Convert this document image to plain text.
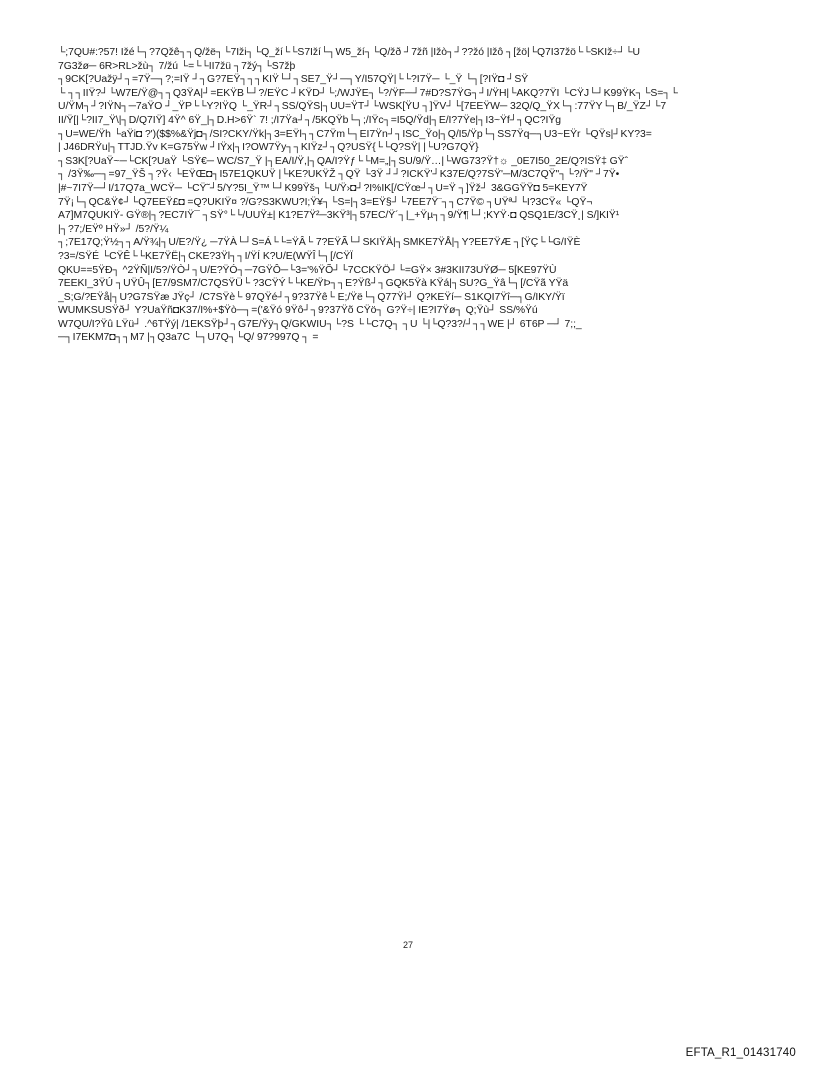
└;7QU#:?57! Ižé└┐?7Qžê┐┐Q/žë┐└7Iži┐└Q_ží└└S7Iží└┐W5_ží┐└Q/žð ┘7žñ |Ižò┐┘??žó |Ižô ┐[žö|└Q7I37žö└└SKIž÷┘└U
7G3žø─ 6R>RL>žù┐ 7/žú └=└└II7žü ┐7žý┐└S7žþ
┐9CK[?Uažÿ┘┐=7Ÿ─┐?;=IŸ ┘┐G?7EŸ┐┐┐KIŸ└┘┐SE7_Ÿ┘─┐Y/I57QŸ|└└?I7Ÿ─ └_Ÿ └┐[?IŸ◘ ┘SŸ
└ ┐┐IIŸ?┘└W7E/Ÿ@┐┐Q3ŸA|┘=EKŸB└┘?/EŸC ┘KŸD┘└;/WJŸE┐└?/ŸF─┘7#D?S7ŸG┐┘I/ŸH|└AKQ?7ŸI └CŸJ└┘K99ŸK┐└S=┐└
U/ŸM┐┘?IŸN┐─7aŸO ┘_ŸP└└Y?IŸQ └_ŸR┘┐SS/QŸS|┐UU=ŸT┘└WSK[ŸU ┐]ŸV┘└[7EEŸW─ 32Q/Q_ŸX└┐:77ŸY└┐B/_ŸZ┘└7
II/Ÿ[|└?II7_Ÿ\|┐D/Q7IŸ] 4Ÿ^ 6Ÿ_|┐D.H>6Ÿ` 7! ;/I7Ÿa┘┐/5KQŸb└┐;/IŸc┐=I5Q/Ÿd|┐E/I?7Ÿe|┐I3~Ÿf┘┐QC?IŸg
┐U=WE/Ÿh └aŸi◘ ?')($$%&Ÿj◘┐/SI?CKY/Ÿk|┐3=EŸl┐┐C7Ÿm└┐EI7Ÿn┘┐ISC_Ÿo|┐Q/I5/Ÿp└┐SS7Ÿq─┐U3~EŸr └QŸs|┘KY?3=
| J46DRŸu|┐TTJD.Ÿv K=G75Ÿw ┘IŸx|┐I?OW7Ÿy┐┐KIŸz┘┐Q?USŸ{└└Q?SŸ| |└U?G7QŸ}
┐S3K[?UaŸ~─└CK[?UaŸ └SŸ€─ WC/S7_Ÿ |┐EA/I/Ÿ,|┐QA/I?Ÿƒ└└M=„|┐SU/9/Ÿ…|└WG73?Ÿ†☼ _0E7I50_2E/Q?ISŸ‡ GŸˆ
┐ /3Ÿ‰─┐=97_ŸŠ ┐?Ÿ‹ └EŸŒ◘┐I57E1QKUŸ |└KE?UKŸŽ ┐QŸ └3Ÿ ┘┘?ICKŸ'┘K37E/Q?7SŸ'─M/3C7QŸ"┐└?/Ÿ" ┘7Ÿ•
|#~7I7Ÿ─┘I/17Q7a_WCŸ─ └CŸ˜┘5/Y?5I_Ÿ™└┘K99Ÿš┐└U/Ÿ›◘┘?I%IK[/CŸœ┘┐U=Ÿ ┐]Ÿž┘ 3&GGŸŸ◘ 5=KEY7Ÿ
7Ÿ¡└┐QC&Ÿ¢┘└Q7EEŸ£◘ =Q?UKIŸ¤ ?/G?S3KWU?I;Ÿ¥┐└S=|┐3=EŸ§┘└7EE7Ÿ¨┐┐C7Ÿ© ┐UŸª┘└I?3CŸ« └QŸ¬
A7]M7QUKIŸ- GŸ®|┐?EC7IŸ¯ ┐SŸ°└└/UUŸ±| K1?E7Ÿ²─3KŸ³|┐57EC/Ÿ´┐|_+Ÿµ┐┐9/Ÿ¶└┘;KYŸ·◘ QSQ1E/3CŸ¸| S/]KIŸ¹
|┐?7;/EŸº HŸ»┘ /5?/Ÿ¼
┐;7E17Q;Ÿ½┐┐A/Ÿ¾|┐U/E?/Ÿ¿ ─7ŸÀ└┘S=Á└└=ŸÂ└ 7?EŸÃ└┘SKIŸÄ|┐SMKE7ŸÅ|┐Y?EE7ŸÆ ┐[ŸÇ└└G/IŸÈ
?3=/SŸÉ └CŸÊ└└KE7ŸË|┐CKE?3Ÿl┐┐I/ŸÍ K?U/E(WŸÎ└┐[/CŸÏ
QKU==5ŸÐ┐ ^2ŸÑ|I/5?/ŸÒ┘┐U/E?ŸÓ┐─7GŸÔ─└3='%ŸÕ┘└7CCKŸÖ┘└=GŸ× 3#3KII73UŸØ─ 5[KE97ŸÙ
7EEKI_3ŸÚ ┐UŸÛ┐[E7/9SM7/C7QSŸÜ└ ?3CŸÝ└└KE/ŸÞ┐┐E?Ÿß┘┐GQK5Ÿà KŸá|┐SU?G_Ÿâ└┐[/CŸã YŸä
_S;G/?EŸå|┐U?G7SŸæ JŸç┘ /C7SŸè└ 97QŸé┘┐9?37Ÿê└ E;/Ÿë└┐Q77Ÿì┘ Q?KEŸí─ S1KQI7Ÿî─┐G/IKY/Ÿï
WUMKSUSŸð┘ Y?UaŸñ◘K37/I%+$Ÿò─┐=('&Ÿó 9Ÿô┘┐9?37Ÿõ CŸö┐ G?Ÿ÷| IE?I7Ÿø┐ Q;Ÿù┘ SS/%Ÿú
W7QU/I?Ÿû LŸü┘ .^6TŸý| /1EKSŸþ┘┐G7E/Ÿÿ┐Q/GKWIU┐└?S └└C7Q┐ ┐U └|└Q?3?/┘┐┐WE |┘ 6T6P ─┘ 7;;_
─┐I7EKM7◘┐┐M7 |┐Q3a7C └┐U7Q┐└Q/ 97?997Q ┐ =
27
EFTA_R1_01431740
